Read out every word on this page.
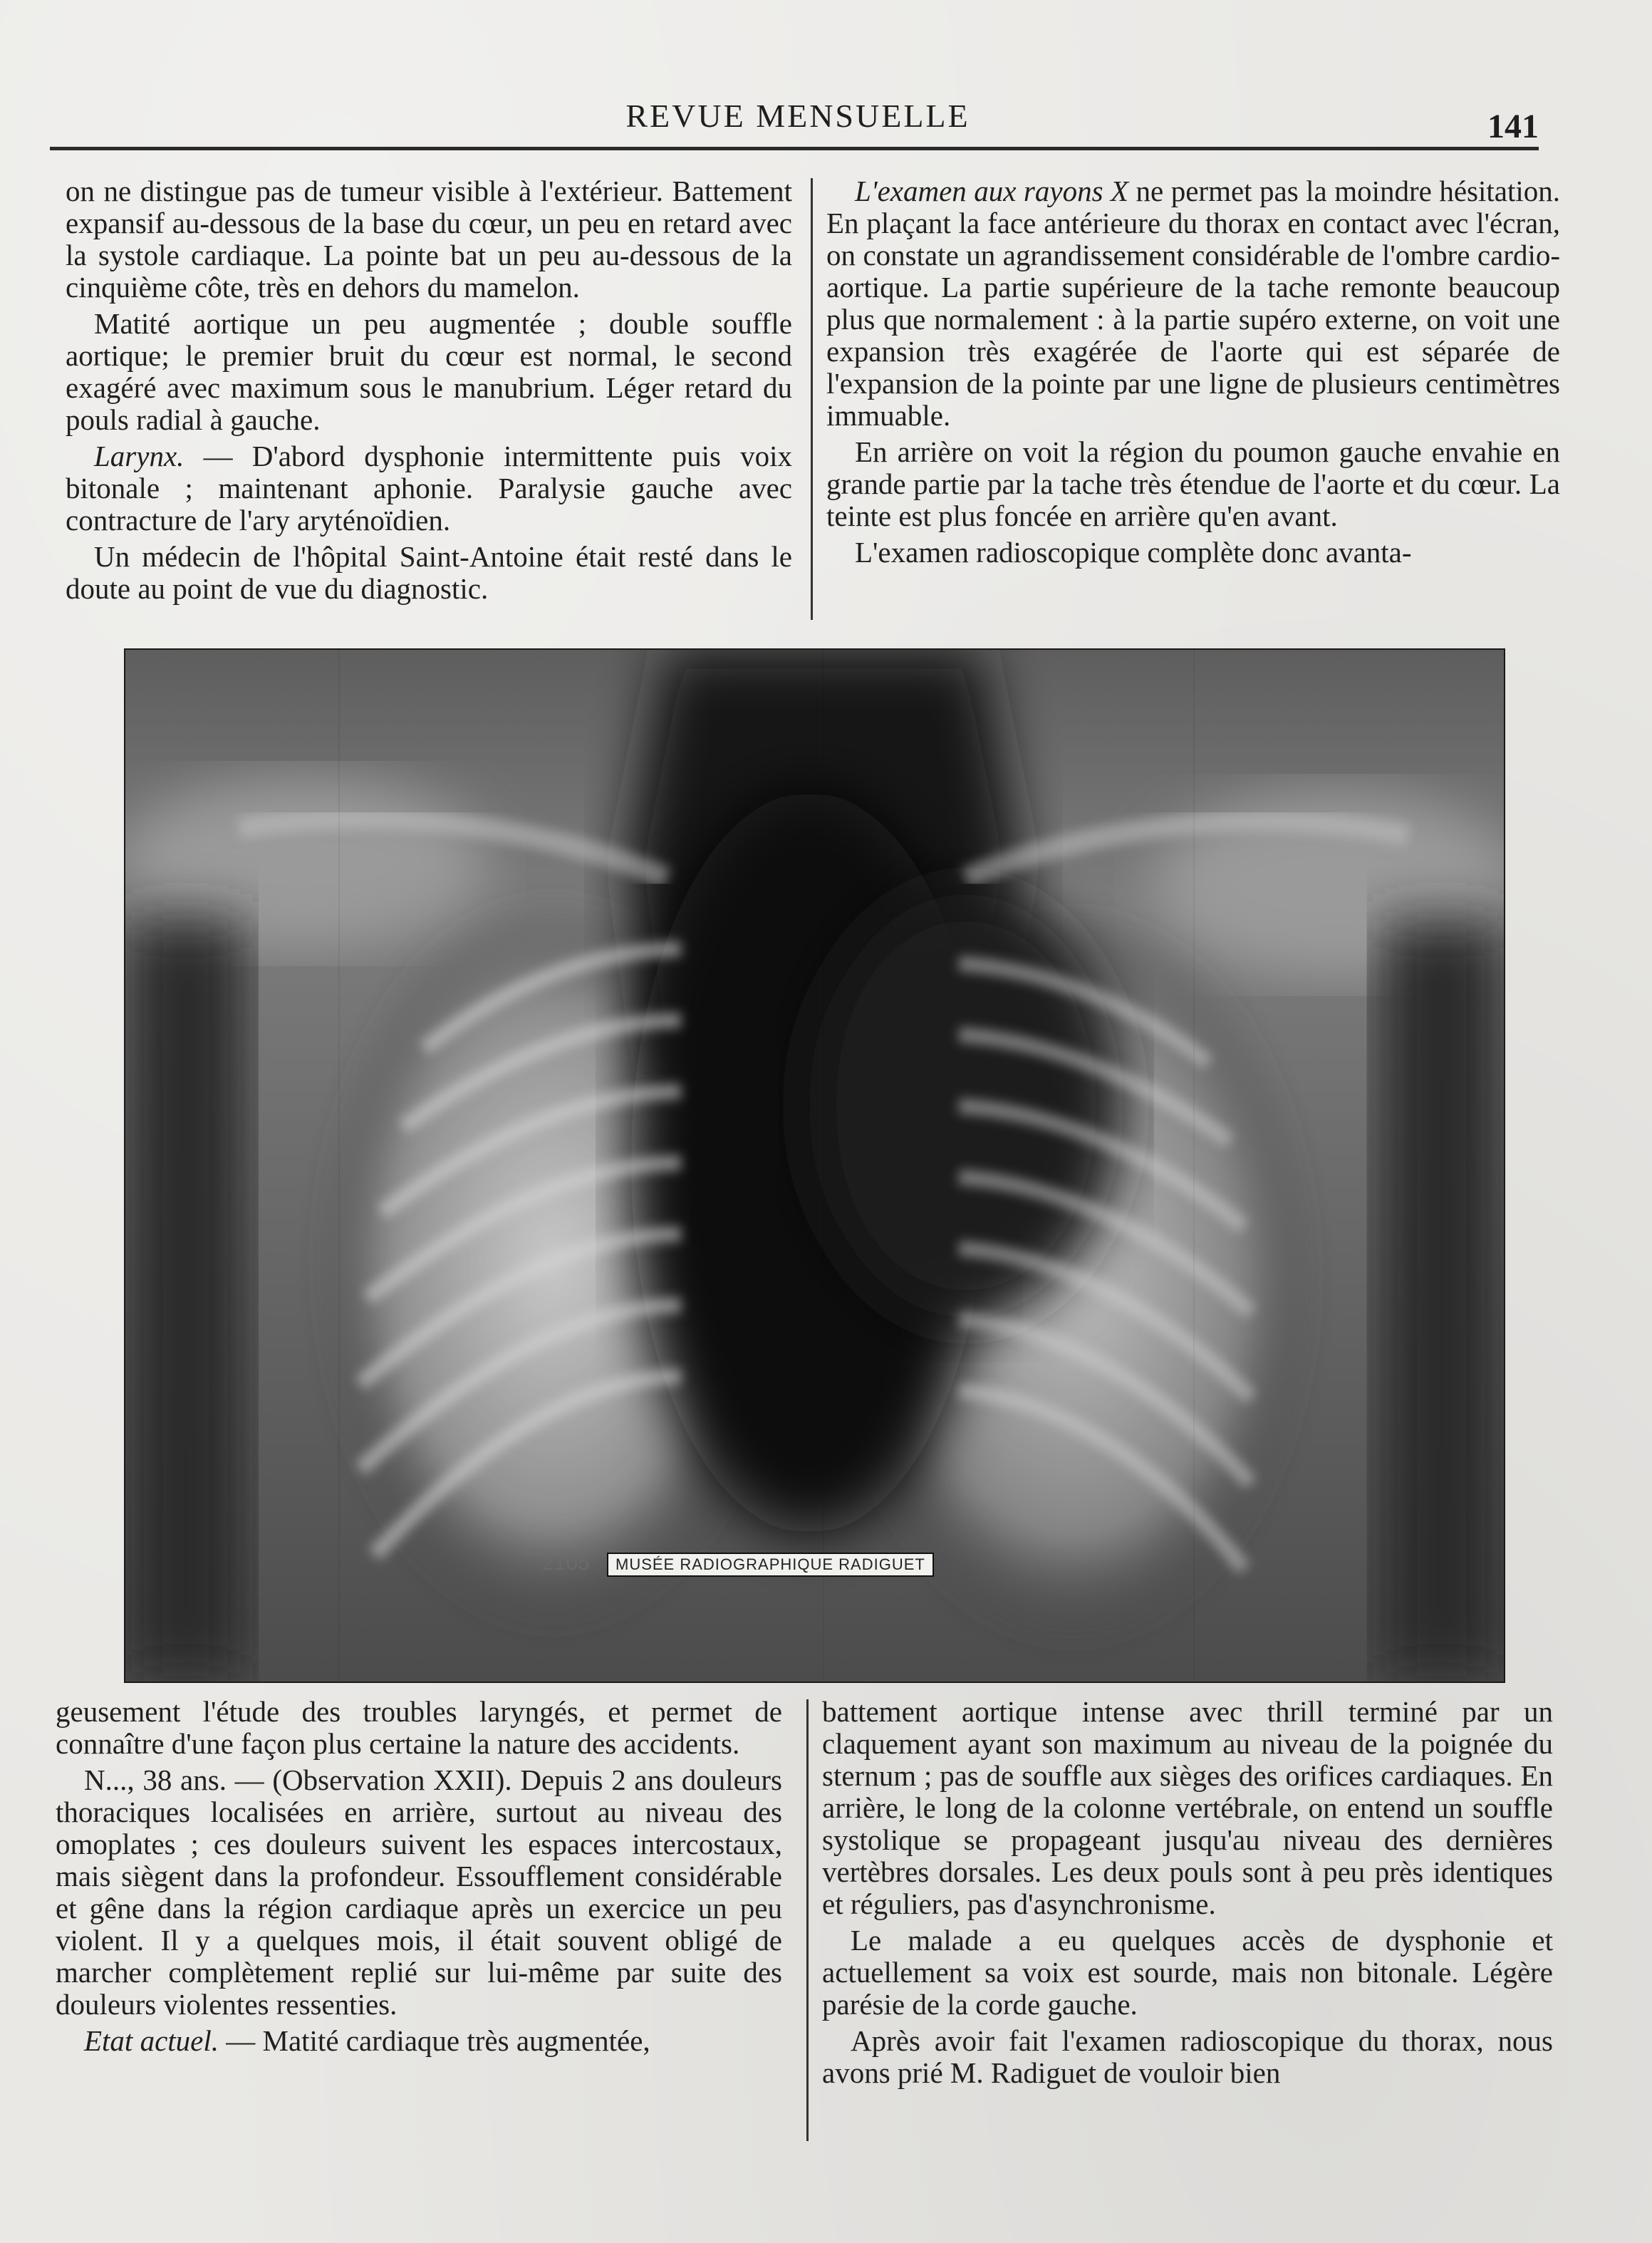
REVUE MENSUELLE	141

on ne distingue pas de tumeur visible à l'extérieur. Battement expansif au-dessous de la base du cœur, un peu en retard avec la systole cardiaque. La pointe bat un peu au-dessous de la cinquième côte, très en dehors du mamelon.

Matité aortique un peu augmentée ; double souffle aortique; le premier bruit du cœur est normal, le second exagéré avec maximum sous le manubrium. Léger retard du pouls radial à gauche.

Larynx. — D'abord dysphonie intermittente puis voix bitonale ; maintenant aphonie. Paralysie gauche avec contracture de l'ary aryténoïdien.

Un médecin de l'hôpital Saint-Antoine était resté dans le doute au point de vue du diagnostic.

L'examen aux rayons X ne permet pas la moindre hésitation. En plaçant la face antérieure du thorax en contact avec l'écran, on constate un agrandissement considérable de l'ombre cardio-aortique. La partie supérieure de la tache remonte beaucoup plus que normalement : à la partie supéro externe, on voit une expansion très exagérée de l'aorte qui est séparée de l'expansion de la pointe par une ligne de plusieurs centimètres immuable.

En arrière on voit la région du poumon gauche envahie en grande partie par la tache très étendue de l'aorte et du cœur. La teinte est plus foncée en arrière qu'en avant.

L'examen radioscopique complète donc avanta-

2105	MUSÉE RADIOGRAPHIQUE RADIGUET

geusement l'étude des troubles laryngés, et permet de connaître d'une façon plus certaine la nature des accidents.

N..., 38 ans. — (Observation XXII). Depuis 2 ans douleurs thoraciques localisées en arrière, surtout au niveau des omoplates ; ces douleurs suivent les espaces intercostaux, mais siègent dans la profondeur. Essoufflement considérable et gêne dans la région cardiaque après un exercice un peu violent. Il y a quelques mois, il était souvent obligé de marcher complètement replié sur lui-même par suite des douleurs violentes ressenties.

Etat actuel. — Matité cardiaque très augmentée,

battement aortique intense avec thrill terminé par un claquement ayant son maximum au niveau de la poignée du sternum ; pas de souffle aux sièges des orifices cardiaques. En arrière, le long de la colonne vertébrale, on entend un souffle systolique se propageant jusqu'au niveau des dernières vertèbres dorsales. Les deux pouls sont à peu près identiques et réguliers, pas d'asynchronisme.

Le malade a eu quelques accès de dysphonie et actuellement sa voix est sourde, mais non bitonale. Légère parésie de la corde gauche.

Après avoir fait l'examen radioscopique du thorax, nous avons prié M. Radiguet de vouloir bien
